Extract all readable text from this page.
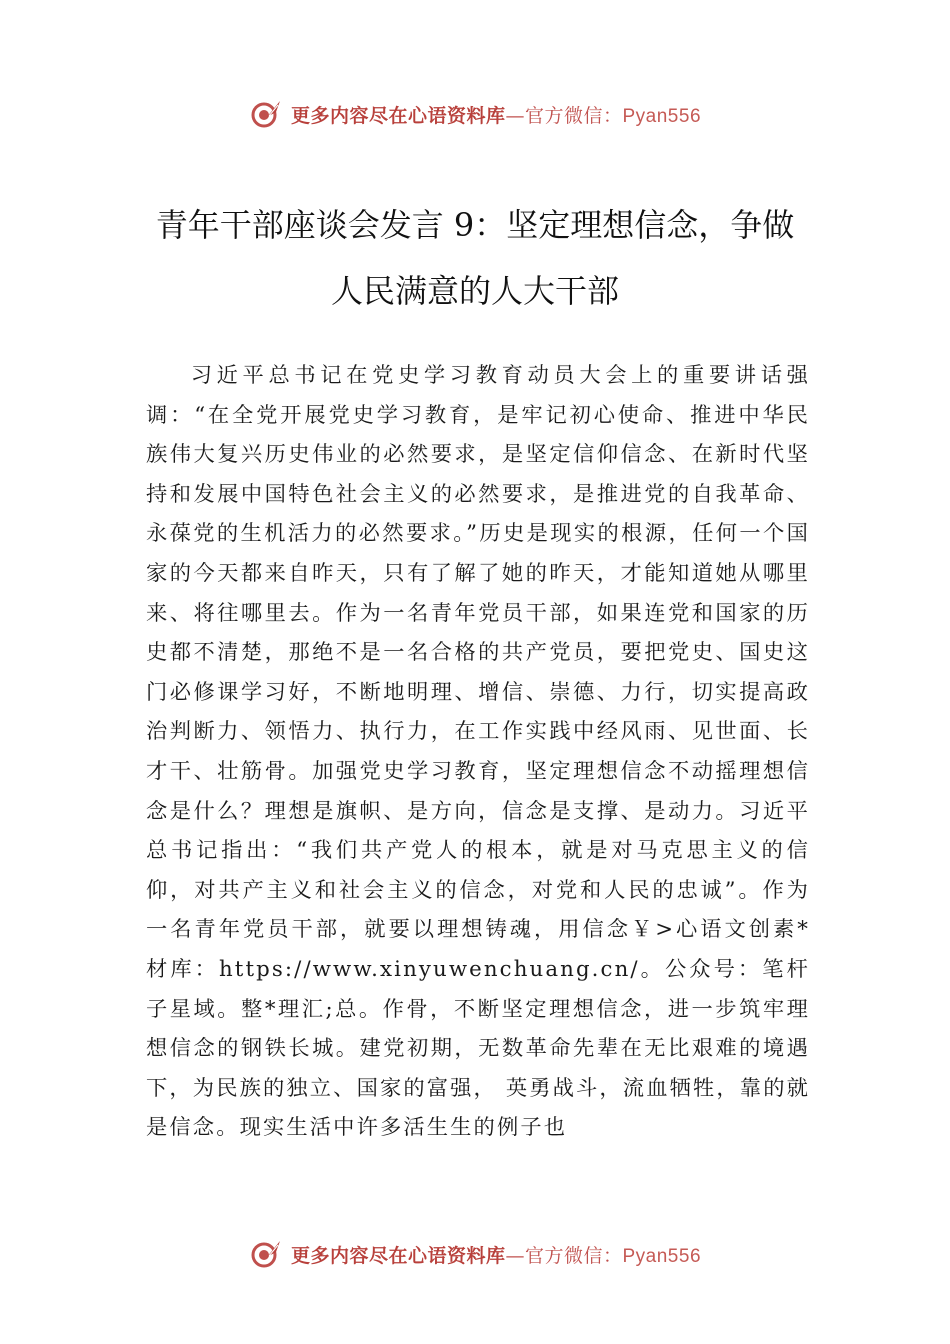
更多内容尽在心语资料库—官方微信：Pyan556
青年干部座谈会发言 9：坚定理想信念，争做人民满意的人大干部

习近平总书记在党史学习教育动员大会上的重要讲话强调：“在全党开展党史学习教育，是牢记初心使命、推进中华民族伟大复兴历史伟业的必然要求，是坚定信仰信念、在新时代坚持和发展中国特色社会主义的必然要求，是推进党的自我革命、永葆党的生机活力的必然要求。”历史是现实的根源，任何一个国家的今天都来自昨天，只有了解了她的昨天，才能知道她从哪里来、将往哪里去。作为一名青年党员干部，如果连党和国家的历史都不清楚，那绝不是一名合格的共产党员，要把党史、国史这门必修课学习好，不断地明理、增信、崇德、力行，切实提高政治判断力、领悟力、执行力，在工作实践中经风雨、见世面、长才干、壮筋骨。加强党史学习教育，坚定理想信念不动摇理想信念是什么？理想是旗帜、是方向，信念是支撑、是动力。习近平总书记指出：“我们共产党人的根本，就是对马克思主义的信仰，对共产主义和社会主义的信念，对党和人民的忠诚”。作为一名青年党员干部，就要以理想铸魂，用信念￥>心语文创素*材库：https://www.xinyuwenchuang.cn/。公众号：笔杆子星域。整*理汇;总。作骨，不断坚定理想信念，进一步筑牢理想信念的钢铁长城。建党初期，无数革命先辈在无比艰难的境遇下，为民族的独立、国家的富强， 英勇战斗，流血牺牲，靠的就是信念。现实生活中许多活生生的例子也

更多内容尽在心语资料库—官方微信：Pyan556
